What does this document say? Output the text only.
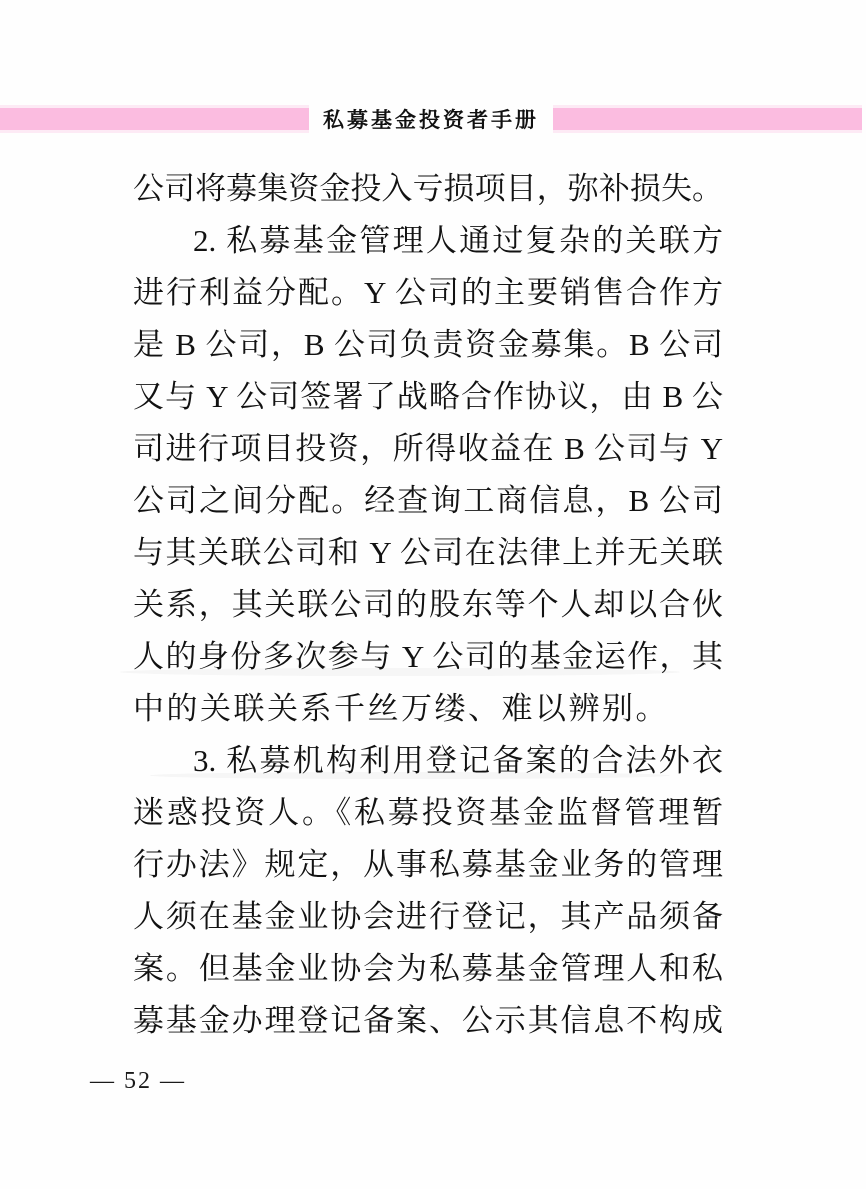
私募基金投资者手册

公司将募集资金投入亏损项目，弥补损失。

2. 私募基金管理人通过复杂的关联方

进行利益分配。Y 公司的主要销售合作方

是 B 公司，B 公司负责资金募集。B 公司

又与 Y 公司签署了战略合作协议，由 B 公

司进行项目投资，所得收益在 B 公司与 Y

公司之间分配。经查询工商信息，B 公司

与其关联公司和 Y 公司在法律上并无关联

关系，其关联公司的股东等个人却以合伙

人的身份多次参与 Y 公司的基金运作，其

中的关联关系千丝万缕、难以辨别。

3. 私募机构利用登记备案的合法外衣

迷惑投资人。《私募投资基金监督管理暂

行办法》规定，从事私募基金业务的管理

人须在基金业协会进行登记，其产品须备

案。但基金业协会为私募基金管理人和私

募基金办理登记备案、公示其信息不构成

— 52 —
